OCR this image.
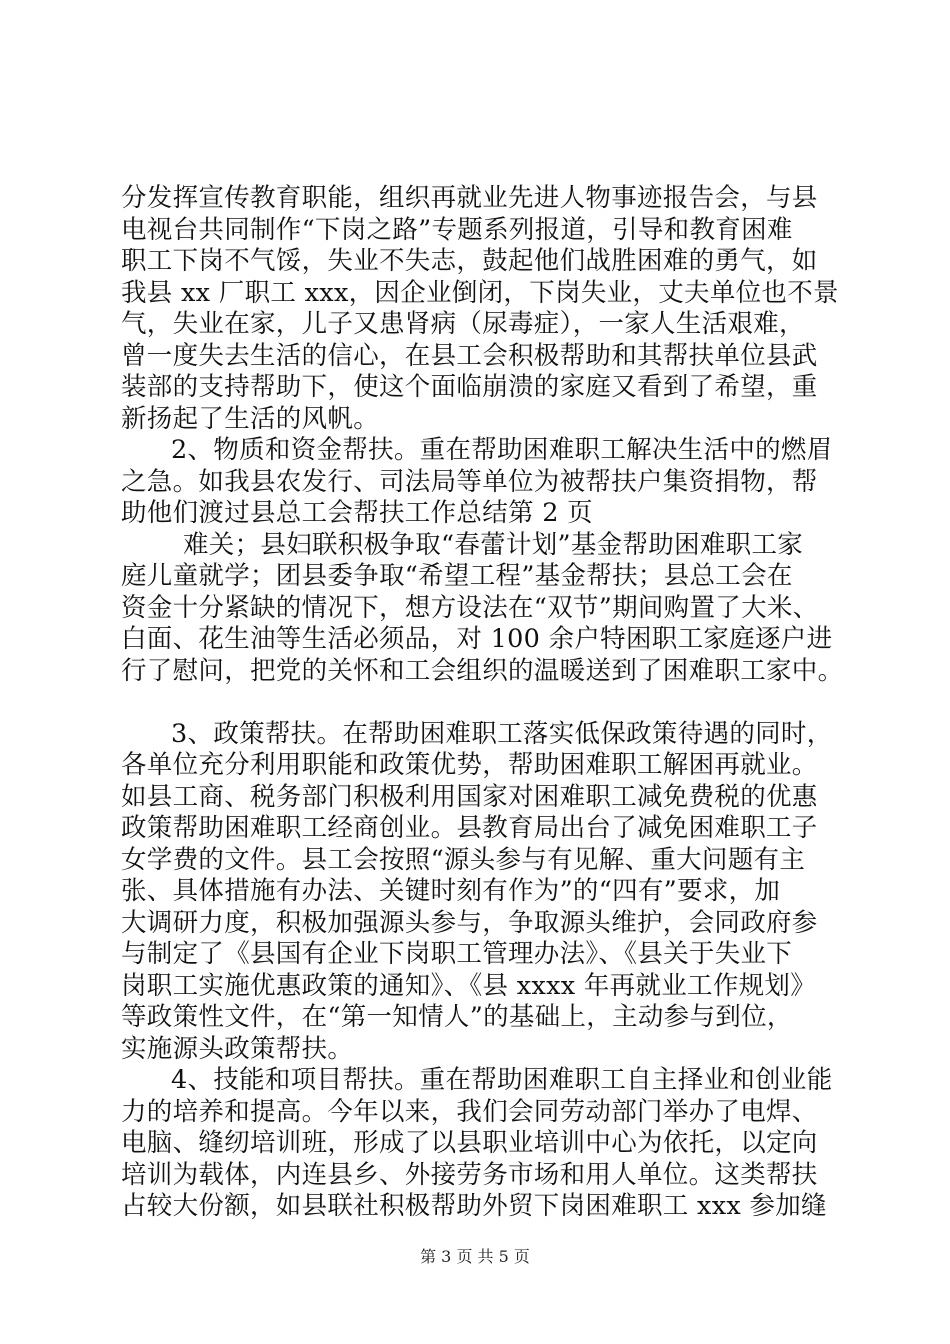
分发挥宣传教育职能，组织再就业先进人物事迹报告会，与县
电视台共同制作“下岗之路”专题系列报道，引导和教育困难
职工下岗不气馁，失业不失志，鼓起他们战胜困难的勇气，如
我县 xx 厂职工 xxx，因企业倒闭，下岗失业，丈夫单位也不景
气，失业在家，儿子又患肾病（尿毒症），一家人生活艰难，
曾一度失去生活的信心，在县工会积极帮助和其帮扶单位县武
装部的支持帮助下，使这个面临崩溃的家庭又看到了希望，重
新扬起了生活的风帆。
2、物质和资金帮扶。重在帮助困难职工解决生活中的燃眉
之急。如我县农发行、司法局等单位为被帮扶户集资捐物，帮
助他们渡过县总工会帮扶工作总结第 2 页
难关；县妇联积极争取“春蕾计划”基金帮助困难职工家
庭儿童就学；团县委争取“希望工程”基金帮扶；县总工会在
资金十分紧缺的情况下，想方设法在“双节”期间购置了大米、
白面、花生油等生活必须品，对 100 余户特困职工家庭逐户进
行了慰问，把党的关怀和工会组织的温暖送到了困难职工家中。
3、政策帮扶。在帮助困难职工落实低保政策待遇的同时，
各单位充分利用职能和政策优势，帮助困难职工解困再就业。
如县工商、税务部门积极利用国家对困难职工减免费税的优惠
政策帮助困难职工经商创业。县教育局出台了减免困难职工子
女学费的文件。县工会按照“源头参与有见解、重大问题有主
张、具体措施有办法、关键时刻有作为”的“四有”要求，加
大调研力度，积极加强源头参与，争取源头维护，会同政府参
与制定了《县国有企业下岗职工管理办法》、《县关于失业下
岗职工实施优惠政策的通知》、《县 xxxx 年再就业工作规划》
等政策性文件，在“第一知情人”的基础上，主动参与到位，
实施源头政策帮扶。
4、技能和项目帮扶。重在帮助困难职工自主择业和创业能
力的培养和提高。今年以来，我们会同劳动部门举办了电焊、
电脑、缝纫培训班，形成了以县职业培训中心为依托，以定向
培训为载体，内连县乡、外接劳务市场和用人单位。这类帮扶
占较大份额，如县联社积极帮助外贸下岗困难职工 xxx 参加缝
第 3 页 共 5 页
